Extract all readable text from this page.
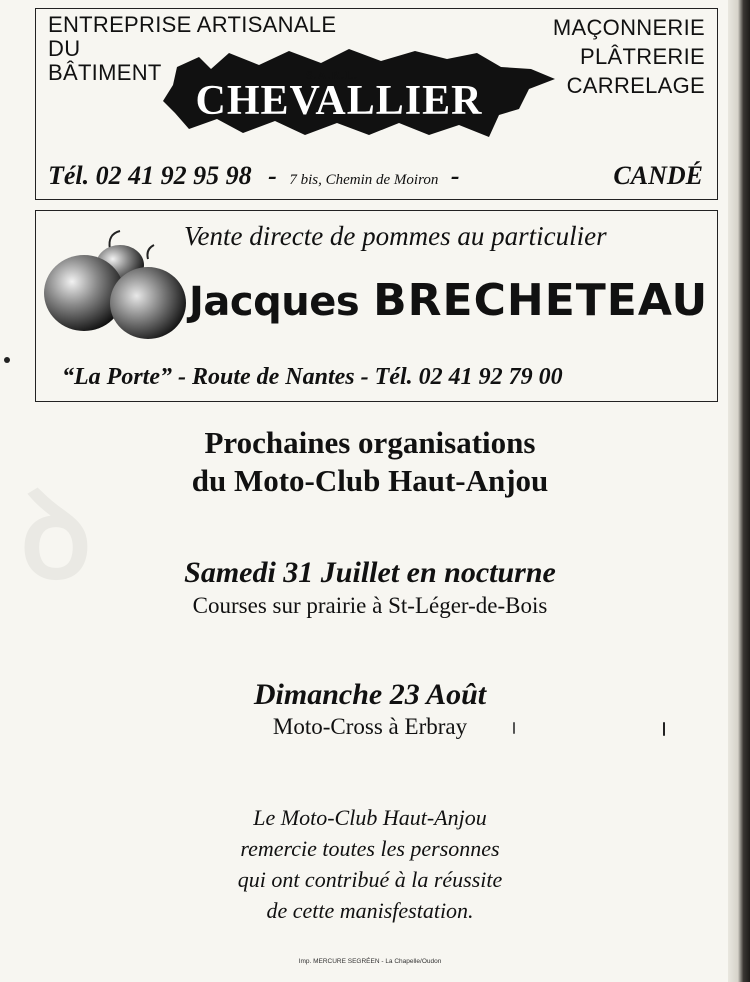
ꝺ
ENTREPRISE ARTISANALE
DU
BÂTIMENT
MAÇONNERIE
PLÂTRERIE
CARRELAGE
S.A.R.L.
CHEVALLIER
Tél. 02 41 92 95 98 - 7 bis, Chemin de Moiron -	CANDÉ
Vente directe de pommes au particulier
Jacques BRECHETEAU
“La Porte” - Route de Nantes - Tél. 02 41 92 79 00
Prochaines organisations
du Moto-Club Haut-Anjou
Samedi 31 Juillet en nocturne
Courses sur prairie à St-Léger-de-Bois
Dimanche 23 Août
Moto-Cross à Erbray
Le Moto-Club Haut-Anjou
remercie toutes les personnes
qui ont contribué à la réussite
de cette manisfestation.
Imp. MERCURE SEGRÉEN - La Chapelle/Oudon
